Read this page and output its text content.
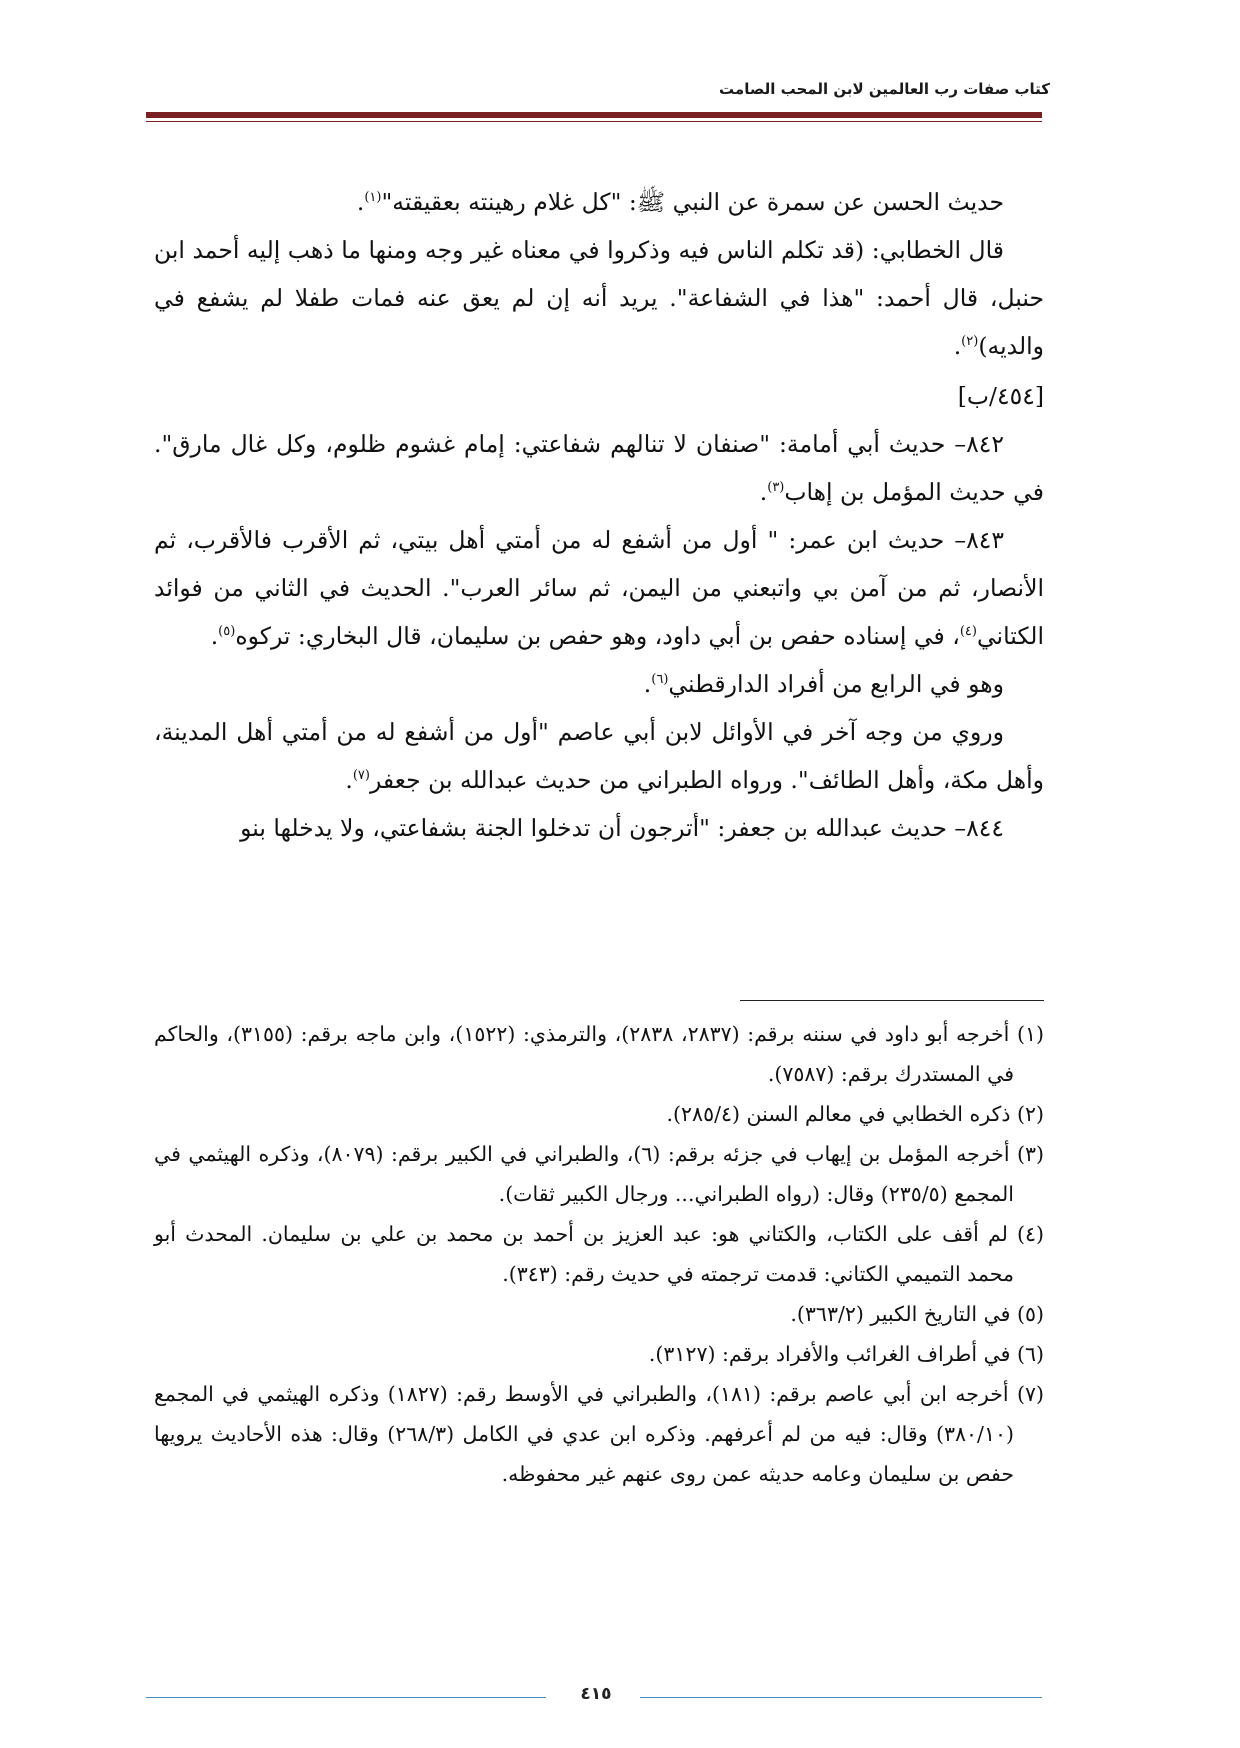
كتاب صفات رب العالمين لابن المحب الصامت

حديث الحسن عن سمرة عن النبي ﷺ: "كل غلام رهينته بعقيقته"$^{(١)}$.

قال الخطابي: (قد تكلم الناس فيه وذكروا في معناه غير وجه ومنها ما ذهب إليه أحمد ابن حنبل، قال أحمد: "هذا في الشفاعة". يريد أنه إن لم يعق عنه فمات طفلا لم يشفع في والديه)$^{(٢)}$.

[٤٥٤/ب]

٨٤٢– حديث أبي أمامة: "صنفان لا تنالهم شفاعتي: إمام غشوم ظلوم، وكل غال مارق". في حديث المؤمل بن إهاب$^{(٣)}$.

٨٤٣– حديث ابن عمر: " أول من أشفع له من أمتي أهل بيتي، ثم الأقرب فالأقرب، ثم الأنصار، ثم من آمن بي واتبعني من اليمن، ثم سائر العرب". الحديث في الثاني من فوائد الكتاني$^{(٤)}$، في إسناده حفص بن أبي داود، وهو حفص بن سليمان، قال البخاري: تركوه$^{(٥)}$.

وهو في الرابع من أفراد الدارقطني$^{(٦)}$.

وروي من وجه آخر في الأوائل لابن أبي عاصم "أول من أشفع له من أمتي أهل المدينة، وأهل مكة، وأهل الطائف". ورواه الطبراني من حديث عبدالله بن جعفر$^{(٧)}$.

٨٤٤– حديث عبدالله بن جعفر: "أترجون أن تدخلوا الجنة بشفاعتي، ولا يدخلها بنو

(١) أخرجه أبو داود في سننه برقم: (٢٨٣٧، ٢٨٣٨)، والترمذي: (١٥٢٢)، وابن ماجه برقم: (٣١٥٥)، والحاكم في المستدرك برقم: (٧٥٨٧).

(٢) ذكره الخطابي في معالم السنن (٢٨٥/٤).

(٣) أخرجه المؤمل بن إيهاب في جزئه برقم: (٦)، والطبراني في الكبير برقم: (٨٠٧٩)، وذكره الهيثمي في المجمع (٢٣٥/٥) وقال: (رواه الطبراني... ورجال الكبير ثقات).

(٤) لم أقف على الكتاب، والكتاني هو: عبد العزيز بن أحمد بن محمد بن علي بن سليمان. المحدث أبو محمد التميمي الكتاني: قدمت ترجمته في حديث رقم: (٣٤٣).

(٥) في التاريخ الكبير (٣٦٣/٢).

(٦) في أطراف الغرائب والأفراد برقم: (٣١٢٧).

(٧) أخرجه ابن أبي عاصم برقم: (١٨١)، والطبراني في الأوسط رقم: (١٨٢٧) وذكره الهيثمي في المجمع (٣٨٠/١٠) وقال: فيه من لم أعرفهم. وذكره ابن عدي في الكامل (٢٦٨/٣) وقال: هذه الأحاديث يرويها حفص بن سليمان وعامه حديثه عمن روى عنهم غير محفوظه.

٤١٥
